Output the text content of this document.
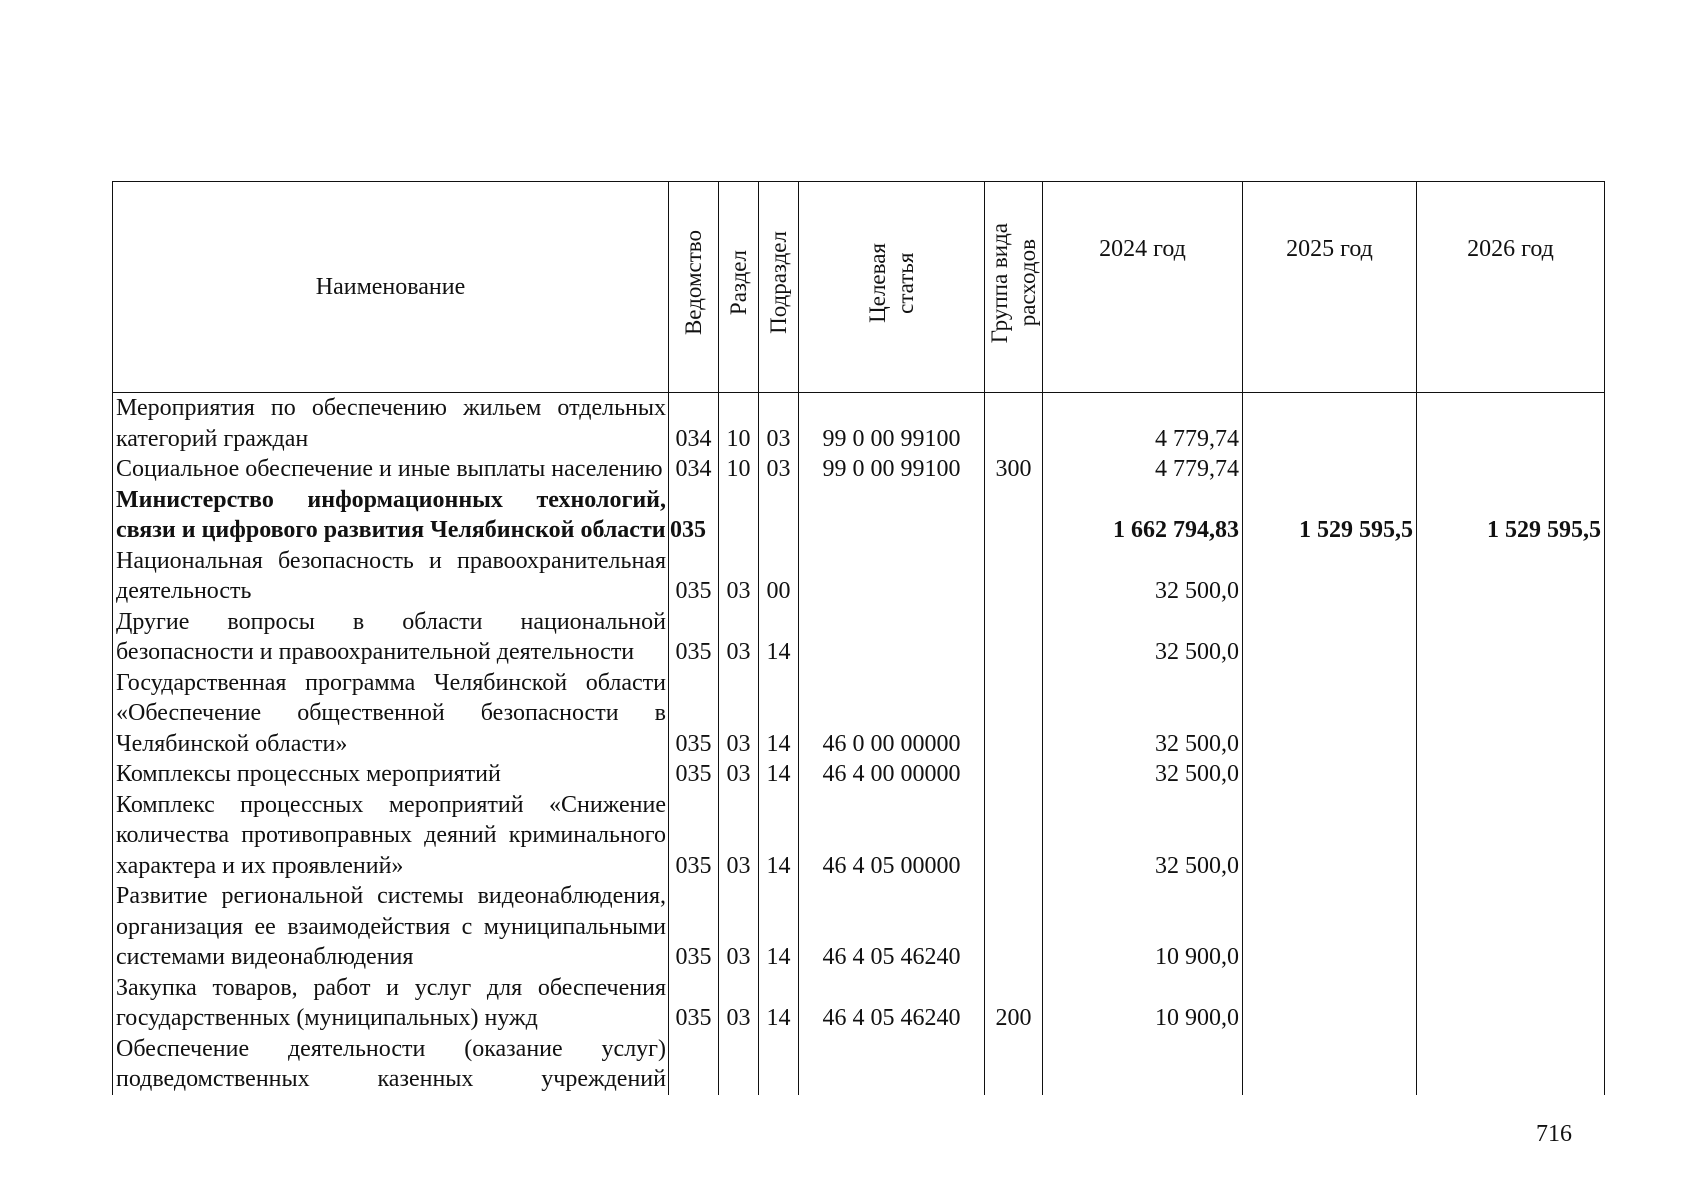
Наименование	Ведомство	Раздел	Подраздел	Целевая статья	Группа вида расходов	2024 год	2025 год	2026 год
Мероприятия по обеспечению жильем отдельных категорий граждан	034	10	03	99 0 00 99100		4 779,74		
Социальное обеспечение и иные выплаты населению	034	10	03	99 0 00 99100	300	4 779,74		
Министерство информационных технологий, связи и цифрового развития Челябинской области	035					1 662 794,83	1 529 595,5	1 529 595,5
Национальная безопасность и правоохранительная деятельность	035	03	00			32 500,0		
Другие вопросы в области национальной безопасности и правоохранительной деятельности	035	03	14			32 500,0		
Государственная программа Челябинской области «Обеспечение общественной безопасности в Челябинской области»	035	03	14	46 0 00 00000		32 500,0		
Комплексы процессных мероприятий	035	03	14	46 4 00 00000		32 500,0		
Комплекс процессных мероприятий «Снижение количества противоправных деяний криминального характера и их проявлений»	035	03	14	46 4 05 00000		32 500,0		
Развитие региональной системы видеонаблюдения, организация ее взаимодействия с муниципальными системами видеонаблюдения	035	03	14	46 4 05 46240		10 900,0		
Закупка товаров, работ и услуг для обеспечения государственных (муниципальных) нужд	035	03	14	46 4 05 46240	200	10 900,0		
Обеспечение деятельности (оказание услуг) подведомственных казенных учреждений								
716
